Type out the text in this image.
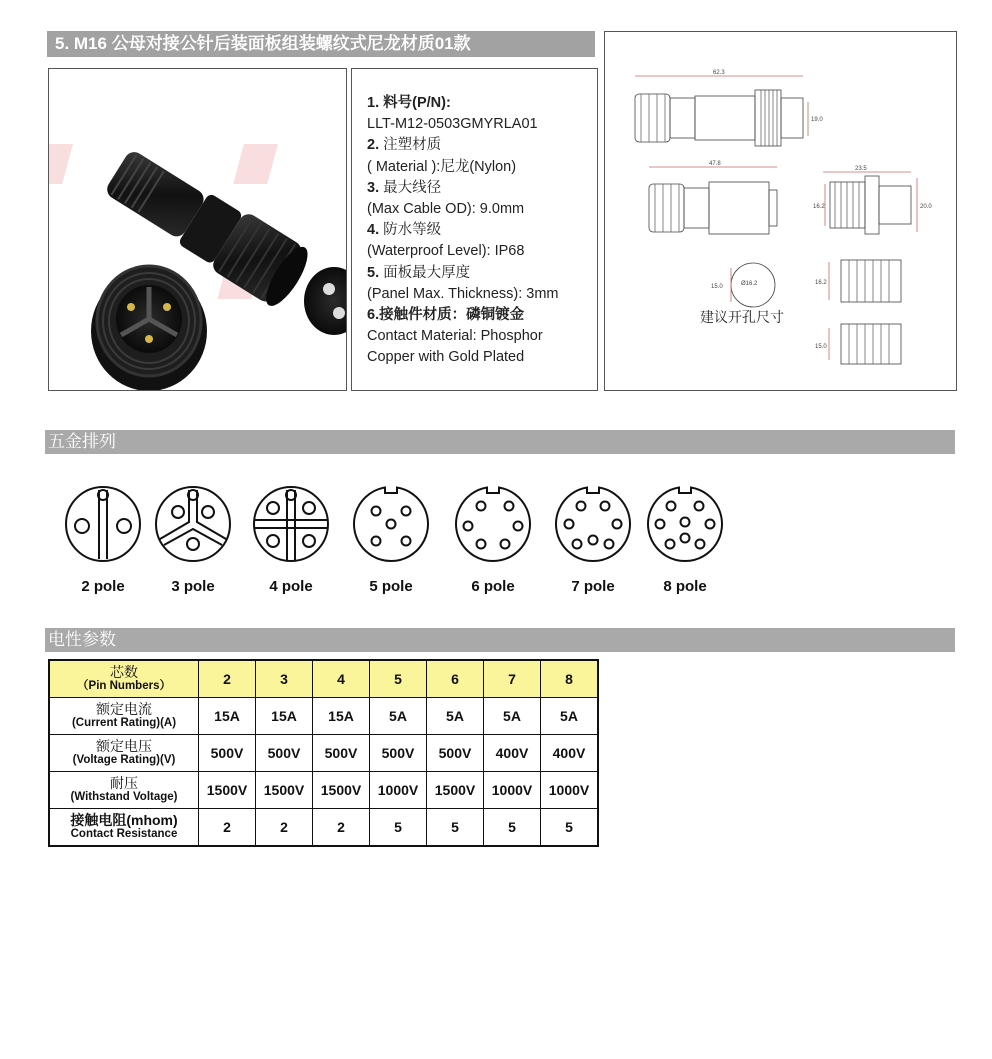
5. M16 公母对接公针后装面板组装螺纹式尼龙材质01款
1. 料号(P/N):
LLT-M12-0503GMYRLA01
2. 注塑材质
( Material ):尼龙(Nylon)
3. 最大线径
(Max Cable OD): 9.0mm
4. 防水等级
(Waterproof Level): IP68
5. 面板最大厚度
(Panel Max. Thickness): 3mm
6.接触件材质：磷铜镀金
Contact Material: Phosphor
Copper with Gold Plated
62.3
19.0
47.8
23.5
16.2	20.0
15.0	Ø16.2
建议开孔尺寸
16.2
15.0
五金排列
2 pole	3 pole	4 pole	5 pole	6 pole	7 pole	8 pole
电性参数
芯数
（Pin Numbers）	2	3	4	5	6	7	8

额定电流
(Current Rating)(A)	15A	15A	15A	5A	5A	5A	5A

额定电压
(Voltage Rating)(V)	500V	500V	500V	500V	500V	400V	400V

耐压
(Withstand Voltage)	1500V	1500V	1500V	1000V	1500V	1000V	1000V

接触电阻(mhom)
Contact Resistance	2	2	2	5	5	5	5
